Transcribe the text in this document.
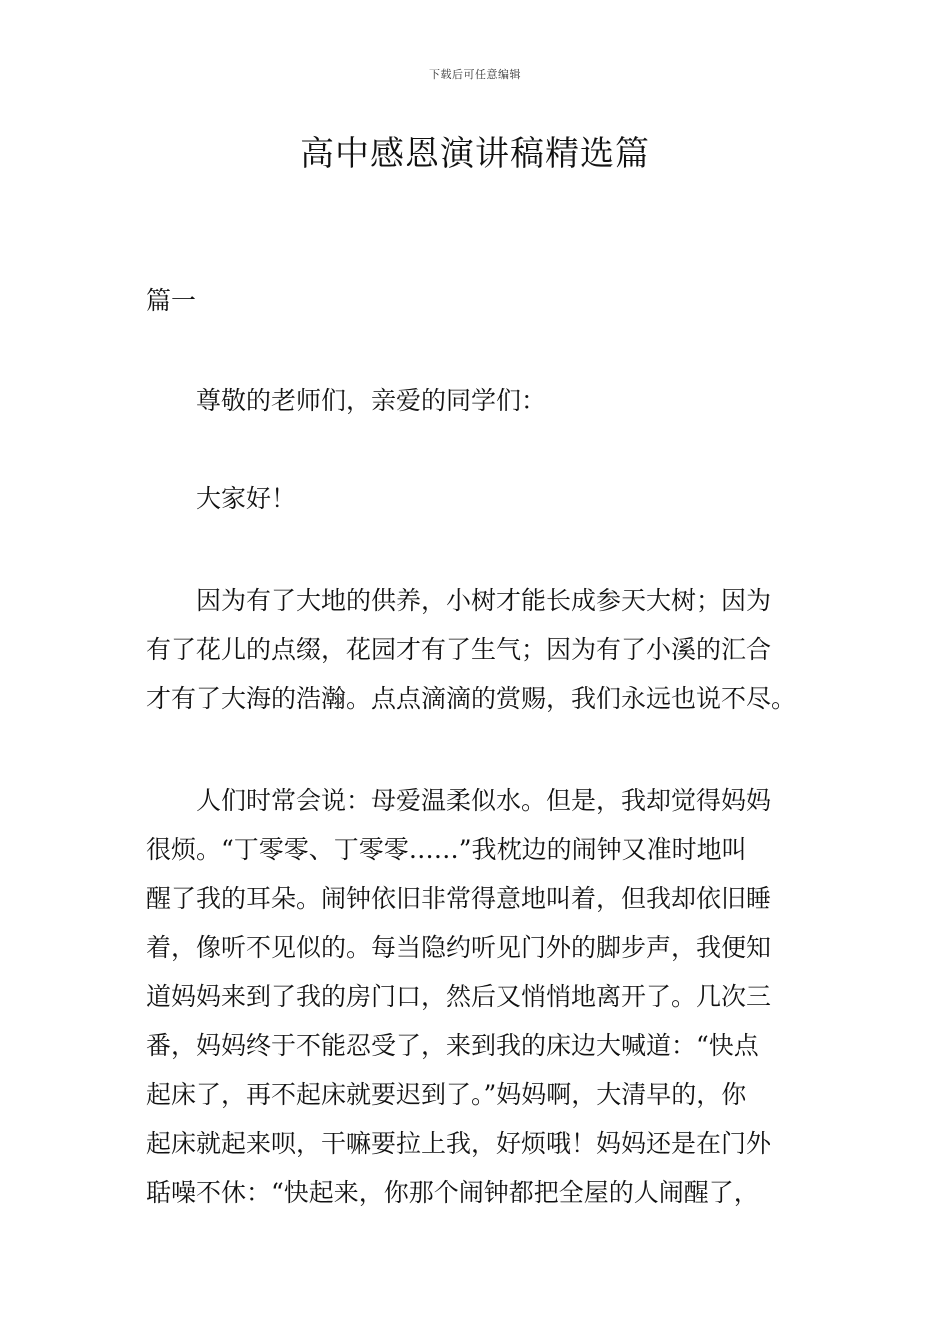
下载后可任意编辑
高中感恩演讲稿精选篇
篇一
尊敬的老师们，亲爱的同学们：
大家好！
因为有了大地的供养，小树才能长成参天大树；因为
有了花儿的点缀，花园才有了生气；因为有了小溪的汇合
才有了大海的浩瀚。点点滴滴的赏赐，我们永远也说不尽。
人们时常会说：母爱温柔似水。但是，我却觉得妈妈
很烦。“丁零零、丁零零……”我枕边的闹钟又准时地叫
醒了我的耳朵。闹钟依旧非常得意地叫着，但我却依旧睡
着，像听不见似的。每当隐约听见门外的脚步声，我便知
道妈妈来到了我的房门口，然后又悄悄地离开了。几次三
番，妈妈终于不能忍受了，来到我的床边大喊道：“快点
起床了，再不起床就要迟到了。”妈妈啊，大清早的，你
起床就起来呗，干嘛要拉上我，好烦哦！妈妈还是在门外
聒噪不休：“快起来，你那个闹钟都把全屋的人闹醒了，
